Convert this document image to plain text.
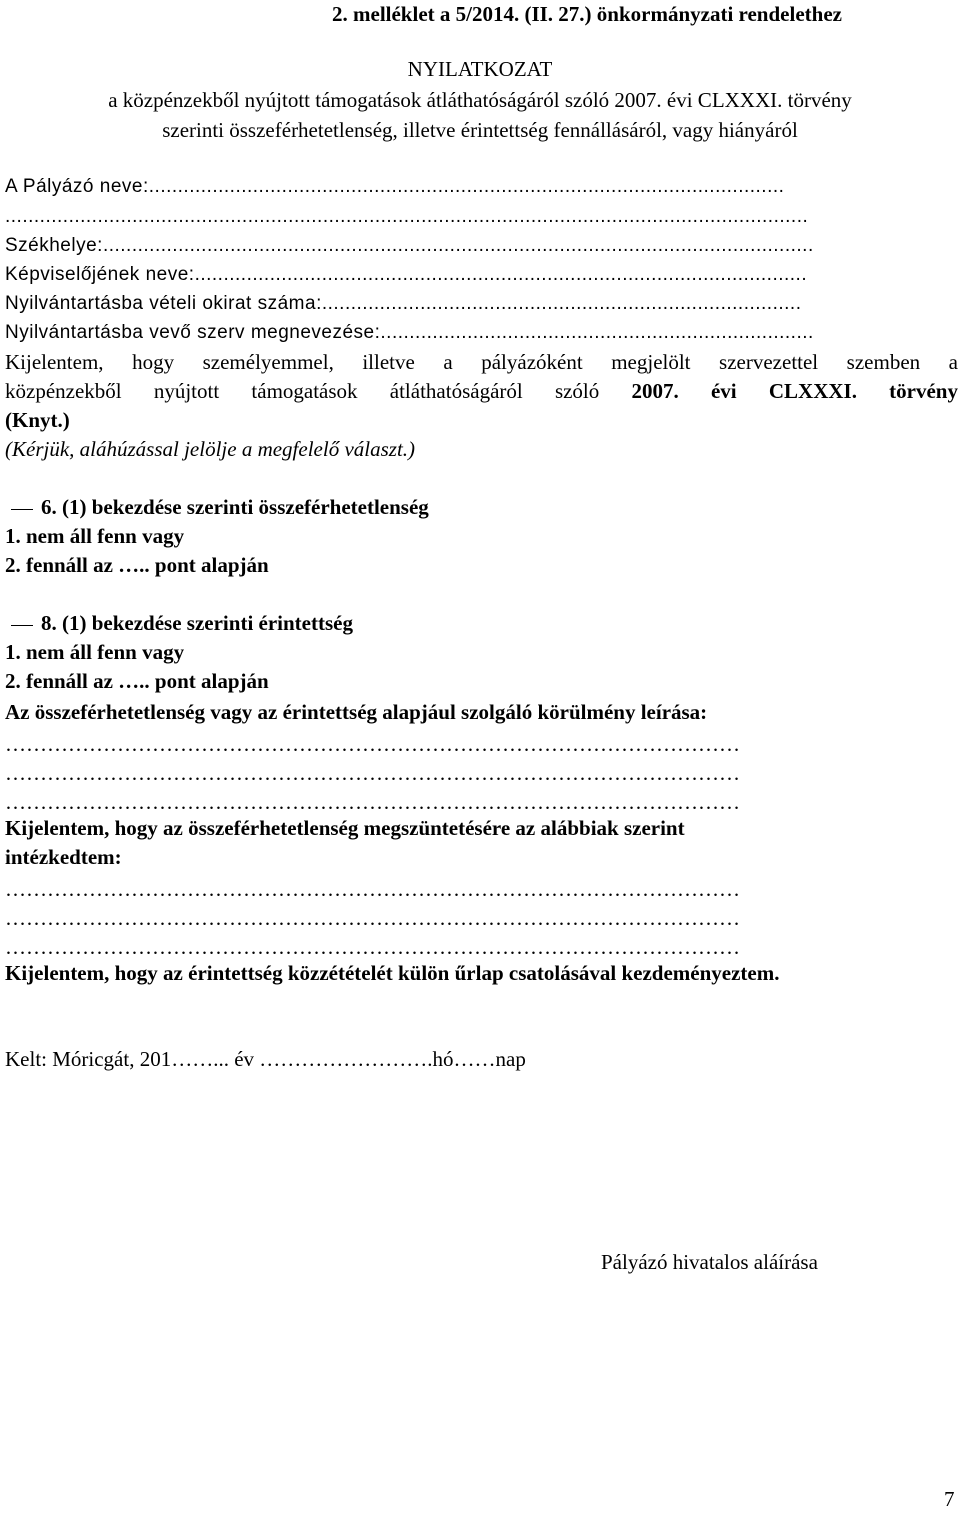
2. melléklet a 5/2014. (II. 27.) önkormányzati rendelethez
NYILATKOZAT
a közpénzekből nyújtott támogatások átláthatóságáról szóló 2007. évi CLXXXI. törvény
szerinti összeférhetetlenség, illetve érintettség fennállásáról, vagy hiányáról
A Pályázó neve:..............................................................................................................
...........................................................................................................................................
Székhelye:...........................................................................................................................
Képviselőjének neve:..........................................................................................................
Nyilvántartásba vételi okirat száma:...................................................................................
Nyilvántartásba vevő szerv megnevezése:...........................................................................
Kijelentem, hogy személyemmel, illetve a pályázóként megjelölt szervezettel szemben a
közpénzekből nyújtott támogatások átláthatóságáról szóló 2007. évi CLXXXI. törvény
(Knyt.)
(Kérjük, aláhúzással jelölje a megfelelő választ.)
6. (1) bekezdése szerinti összeférhetetlenség
1. nem áll fenn vagy
2. fennáll az ….. pont alapján
8. (1) bekezdése szerinti érintettség
1. nem áll fenn vagy
2. fennáll az ….. pont alapján
Az összeférhetetlenség vagy az érintettség alapjául szolgáló körülmény leírása:
……………………………………………………………………………………………
……………………………………………………………………………………………
……………………………………………………………………………………………
Kijelentem, hogy az összeférhetetlenség megszüntetésére az alábbiak szerint
intézkedtem:
……………………………………………………………………………………………
……………………………………………………………………………………………
……………………………………………………………………………………………
Kijelentem, hogy az érintettség közzétételét külön űrlap csatolásával kezdeményeztem.
Kelt: Móricgát, 201……... év …………………….hó……nap
Pályázó hivatalos aláírása
7
